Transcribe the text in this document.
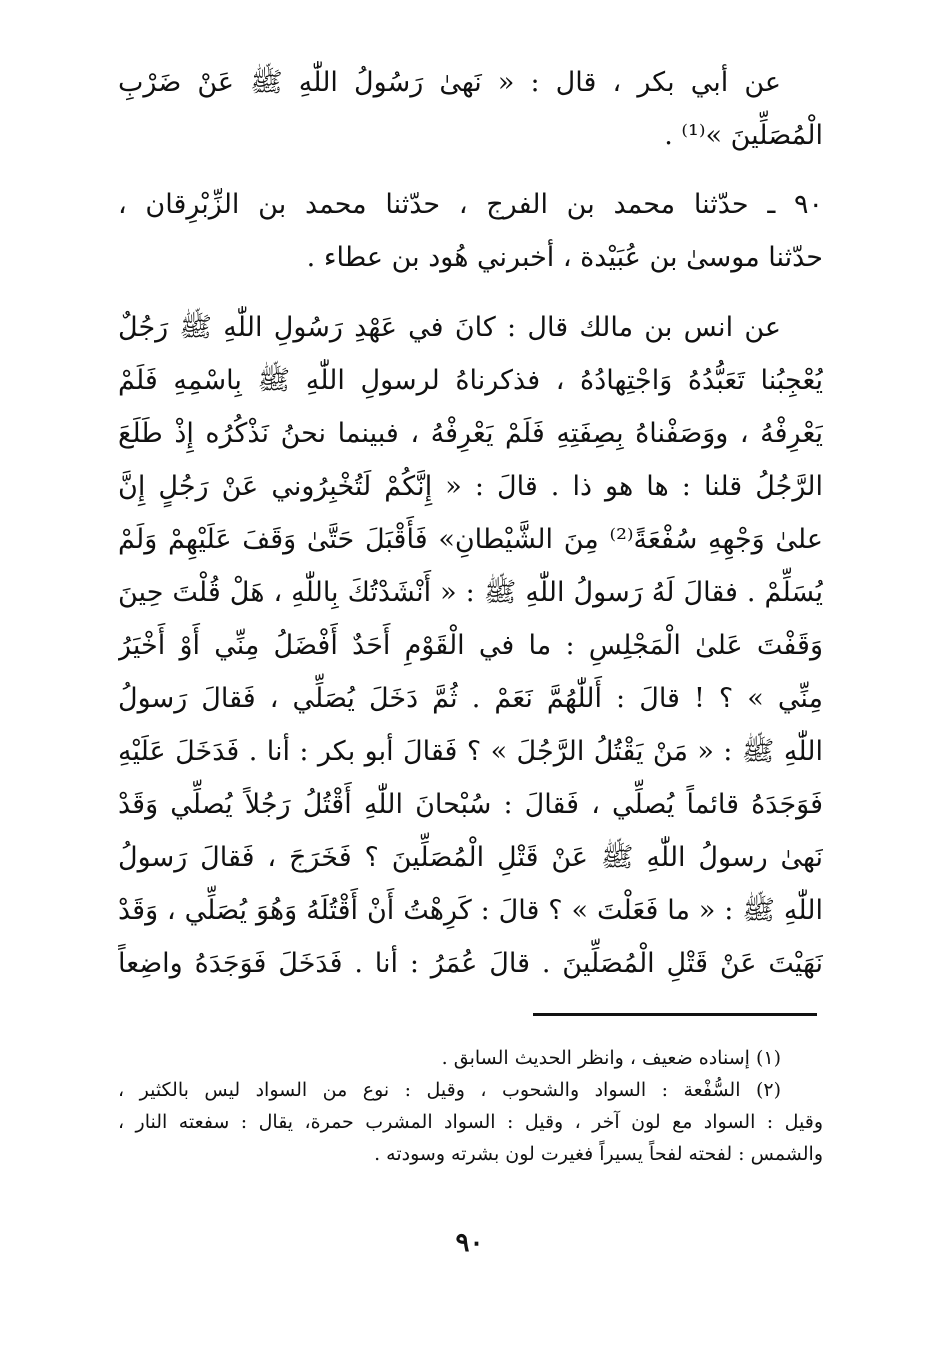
عن أبي بكر ، قال : « نَهىٰ رَسُولُ اللّٰهِ ﷺ عَنْ ضَرْبِ
الْمُصَلِّينَ »⁽¹⁾ .
٩٠ ـ حدّثنا محمد بن الفرج ، حدّثنا محمد بن الزِّبْرِقان ،
حدّثنا موسىٰ بن عُبَيْدة ، أخبرني هُود بن عطاء .
عن انس بن مالك قال : كانَ في عَهْدِ رَسُولِ اللّٰهِ ﷺ رَجُلٌ
يُعْجِبُنا تَعَبُّدُهُ وَاجْتِهادُهُ ، فذكرناهُ لرسولِ اللّٰهِ ﷺ بِاسْمِهِ فَلَمْ
يَعْرِفْهُ ، ووَصَفْناهُ بِصِفَتِهِ فَلَمْ يَعْرِفْهُ ، فبينما نحنُ نَذْكُرُه إِذْ طَلَعَ
الرَّجُلُ قلنا : ها هو ذا . قالَ : « إِنَّكُمْ لَتُخْبِرُوني عَنْ رَجُلٍ إِنَّ
علىٰ وَجْهِهِ سُفْعَةً⁽²⁾ مِنَ الشَّيْطانِ» فَأَقْبَلَ حَتَّىٰ وَقَفَ عَلَيْهِمْ وَلَمْ
يُسَلِّمْ . فقالَ لَهُ رَسولُ اللّٰهِ ﷺ : « أَنْشَدْتُكَ بِاللّٰهِ ، هَلْ قُلْتَ حِينَ
وَقَفْتَ عَلىٰ الْمَجْلِسِ : ما في الْقَوْمِ أَحَدٌ أَفْضَلُ مِنِّي أَوْ أَخْيَرُ
مِنِّي » ؟ ! قالَ : أَللّٰهُمَّ نَعَمْ . ثُمَّ دَخَلَ يُصَلِّي ، فَقالَ رَسولُ
اللّٰهِ ﷺ : « مَنْ يَقْتُلُ الرَّجُلَ » ؟ فَقالَ أبو بكر : أنا . فَدَخَلَ عَلَيْهِ
فَوَجَدَهُ قائماً يُصلِّي ، فَقالَ : سُبْحانَ اللّٰهِ أَقْتُلُ رَجُلاً يُصلِّي وَقَدْ
نَهىٰ رسولُ اللّٰهِ ﷺ عَنْ قَتْلِ الْمُصَلِّينَ ؟ فَخَرَجَ ، فَقالَ رَسولُ
اللّٰهِ ﷺ : « ما فَعَلْتَ » ؟ قالَ : كَرِهْتُ أَنْ أَقْتُلَهُ وَهُوَ يُصَلِّي ، وَقَدْ
نَهَيْتَ عَنْ قَتْلِ الْمُصَلِّينَ . قالَ عُمَرُ : أنا . فَدَخَلَ فَوَجَدَهُ واضِعاً
(١) إسناده ضعيف ، وانظر الحديث السابق .
(٢) السُّفْعة : السواد والشحوب ، وقيل : نوع من السواد ليس بالكثير ،
وقيل : السواد مع لون آخر ، وقيل : السواد المشرب حمرة، يقال : سفعته النار ،
والشمس : لفحته لفحاً يسيراً فغيرت لون بشرته وسودته .
٩٠
